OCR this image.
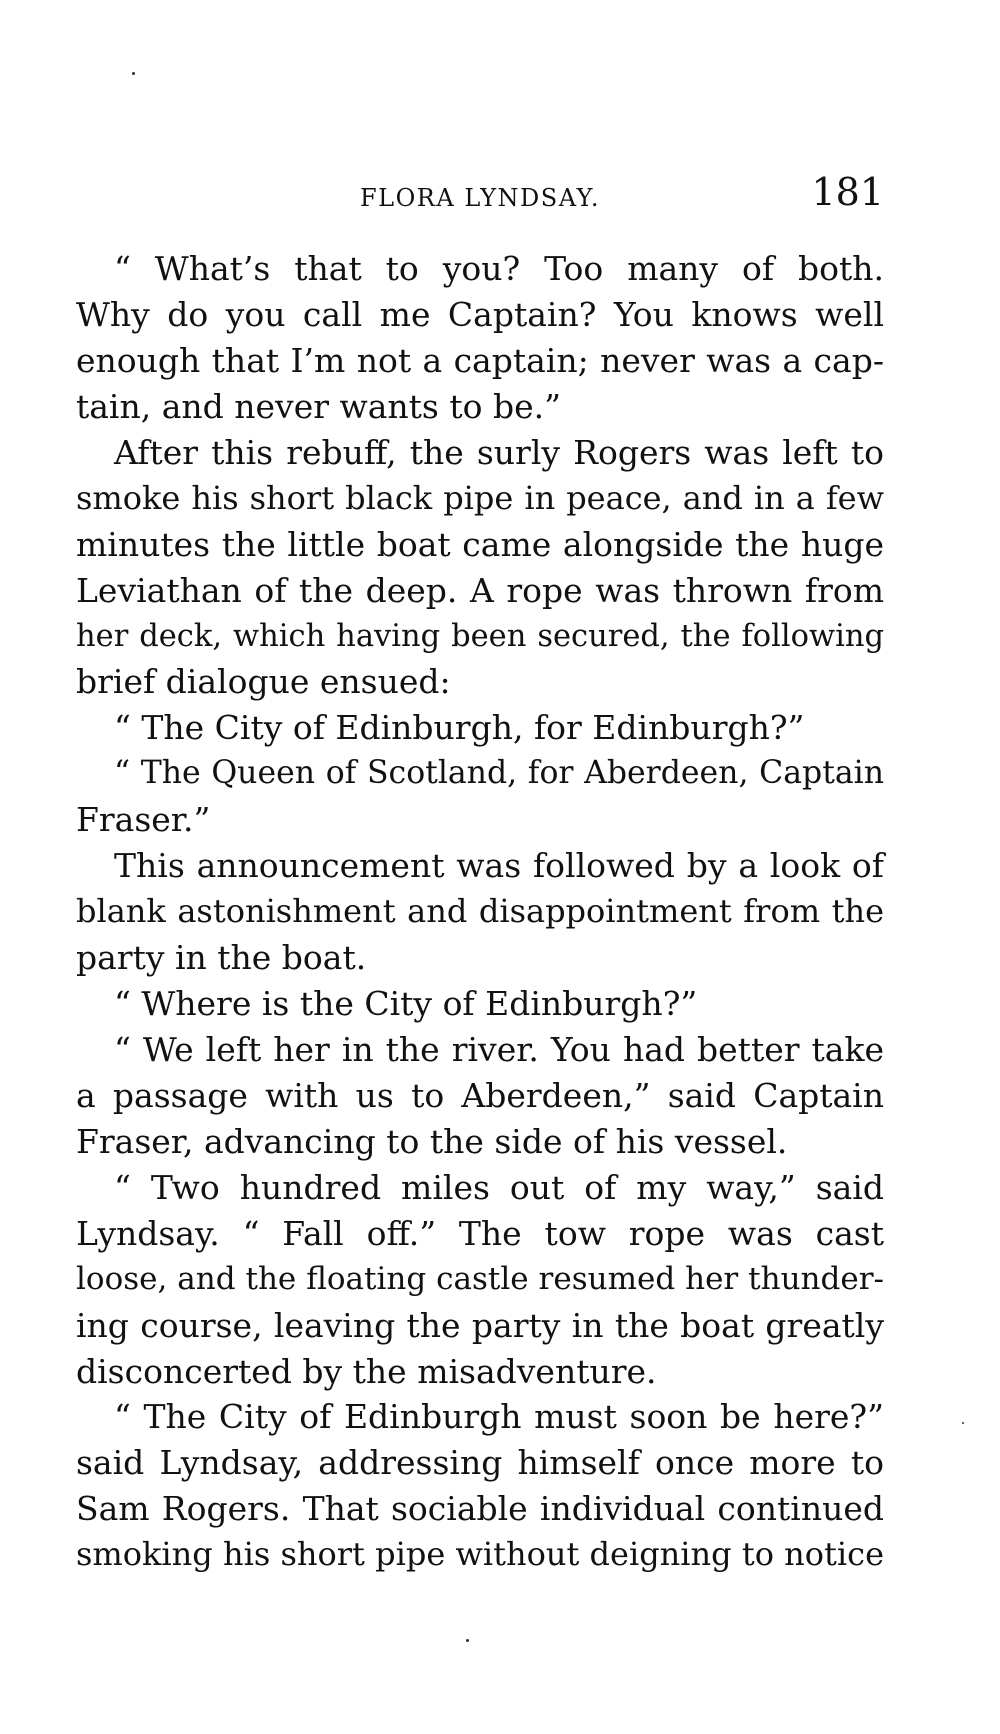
FLORA LYNDSAY.	181
“ What’s that to you? Too many of both.
Why do you call me Captain? You knows well
enough that I’m not a captain; never was a cap-
tain, and never wants to be.”
After this rebuff, the surly Rogers was left to
smoke his short black pipe in peace, and in a few
minutes the little boat came alongside the huge
Leviathan of the deep. A rope was thrown from
her deck, which having been secured, the following
brief dialogue ensued:
“ The City of Edinburgh, for Edinburgh?”
“ The Queen of Scotland, for Aberdeen, Captain
Fraser.”
This announcement was followed by a look of
blank astonishment and disappointment from the
party in the boat.
“ Where is the City of Edinburgh?”
“ We left her in the river. You had better take
a passage with us to Aberdeen,” said Captain
Fraser, advancing to the side of his vessel.
“ Two hundred miles out of my way,” said
Lyndsay. “ Fall off.” The tow rope was cast
loose, and the floating castle resumed her thunder-
ing course, leaving the party in the boat greatly
disconcerted by the misadventure.
“ The City of Edinburgh must soon be here?”
said Lyndsay, addressing himself once more to
Sam Rogers. That sociable individual continued
smoking his short pipe without deigning to notice
